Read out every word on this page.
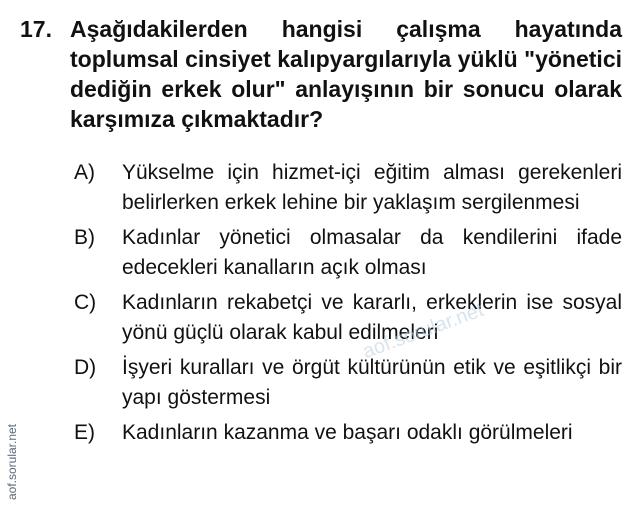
17. Aşağıdakilerden hangisi çalışma hayatında toplumsal cinsiyet kalıpyargılarıyla yüklü "yönetici dediğin erkek olur" anlayışının bir sonucu olarak karşımıza çıkmaktadır?
A) Yükselme için hizmet-içi eğitim alması gerekenleri belirlerken erkek lehine bir yaklaşım sergilenmesi
B) Kadınlar yönetici olmasalar da kendilerini ifade edecekleri kanalların açık olması
C) Kadınların rekabetçi ve kararlı, erkeklerin ise sosyal yönü güçlü olarak kabul edilmeleri
D) İşyeri kuralları ve örgüt kültürünün etik ve eşitlikçi bir yapı göstermesi
E) Kadınların kazanma ve başarı odaklı görülmeleri
aof.sorular.net
aof.sorular.net
